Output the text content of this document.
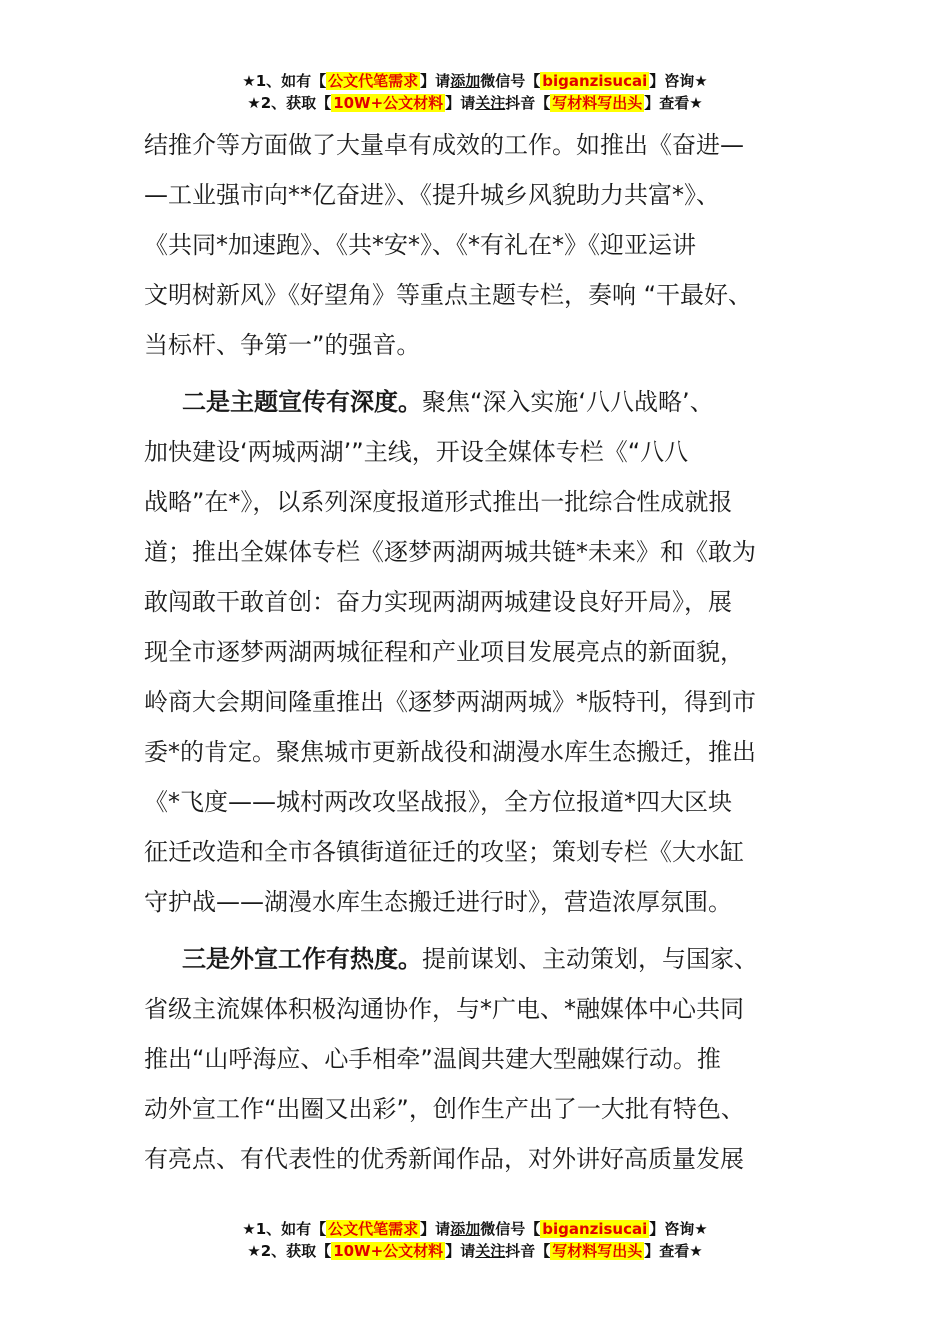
★1、如有【 公文代笔需求 】请添加微信号【 biganzisucai 】咨询★
★2、获取【 10W+公文材料 】请关注抖音【 写材料写出头 】查看★
结推介等方面做了大量卓有成效的工作。如推出《奋进—
—工业强市向**亿奋进》、《提升城乡风貌助力共富*》、
《共同*加速跑》、《共*安*》、《*有礼在*》《迎亚运讲
文明树新风》《好望角》等重点主题专栏，奏响 “干最好、
当标杆、争第一”的强音。
二是主题宣传有深度。聚焦“深入实施‘八八战略’、
加快建设‘两城两湖’”主线，开设全媒体专栏《“八八
战略”在*》，以系列深度报道形式推出一批综合性成就报
道；推出全媒体专栏《逐梦两湖两城共链*未来》和《敢为
敢闯敢干敢首创：奋力实现两湖两城建设良好开局》，展
现全市逐梦两湖两城征程和产业项目发展亮点的新面貌，
岭商大会期间隆重推出《逐梦两湖两城》*版特刊，得到市
委*的肯定。聚焦城市更新战役和湖漫水库生态搬迁，推出
《*飞度——城村两改攻坚战报》，全方位报道*四大区块
征迁改造和全市各镇街道征迁的攻坚；策划专栏《大水缸
守护战——湖漫水库生态搬迁进行时》，营造浓厚氛围。
三是外宣工作有热度。提前谋划、主动策划，与国家、
省级主流媒体积极沟通协作，与*广电、*融媒体中心共同
推出“山呼海应、心手相牵”温阆共建大型融媒行动。推
动外宣工作“出圈又出彩”，创作生产出了一大批有特色、
有亮点、有代表性的优秀新闻作品，对外讲好高质量发展
★1、如有【 公文代笔需求 】请添加微信号【 biganzisucai 】咨询★
★2、获取【 10W+公文材料 】请关注抖音【 写材料写出头 】查看★
